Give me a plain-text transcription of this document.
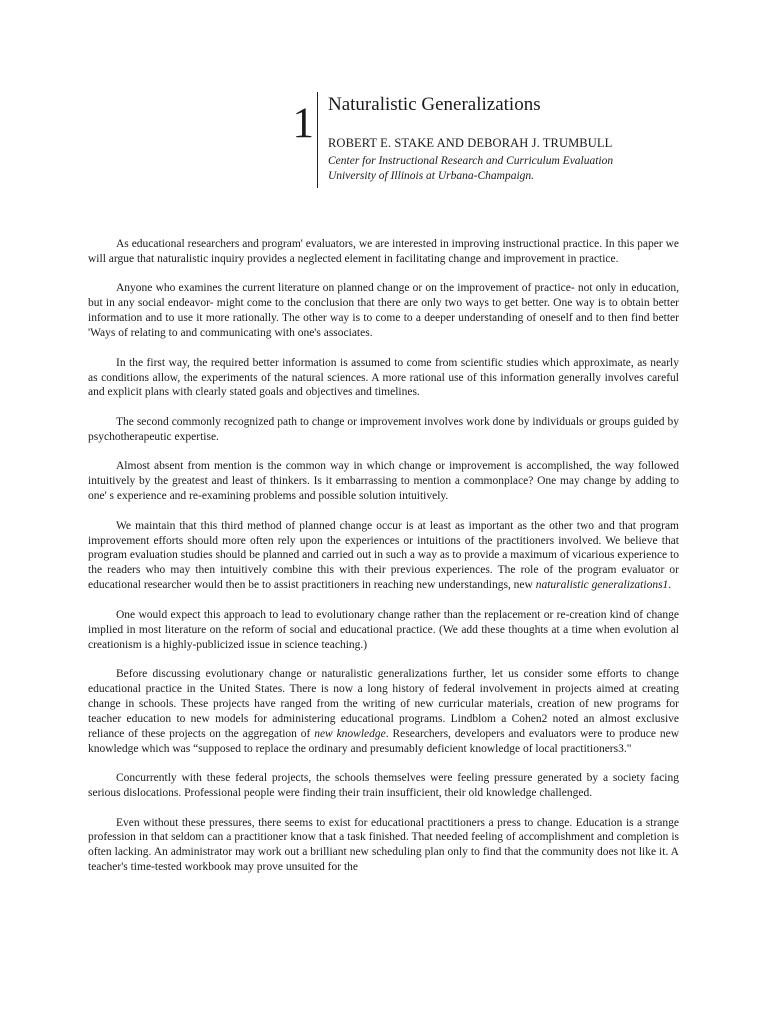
1 Naturalistic Generalizations

ROBERT E. STAKE AND DEBORAH J. TRUMBULL

Center for Instructional Research and Curriculum Evaluation

University of Illinois at Urbana-Champaign.

As educational researchers and program' evaluators, we are interested in improving instructional practice. In this paper we will argue that naturalistic inquiry provides a neglected element in facilitating change and improvement in practice.

Anyone who examines the current literature on planned change or on the improvement of practice- not only in education, but in any social endeavor- might come to the conclusion that there are only two ways to get better. One way is to obtain better information and to use it more rationally. The other way is to come to a deeper understanding of oneself and to then find better 'Ways of relating to and communicating with one's associates.

In the first way, the required better information is assumed to come from scientific studies which approximate, as nearly as conditions allow, the experiments of the natural sciences. A more rational use of this information generally involves careful and explicit plans with clearly stated goals and objectives and timelines.

The second commonly recognized path to change or improvement involves work done by individuals or groups guided by psychotherapeutic expertise.

Almost absent from mention is the common way in which change or improvement is accomplished, the way followed intuitively by the greatest and least of thinkers. Is it embarrassing to mention a commonplace? One may change by adding to one' s experience and re-examining problems and possible solution intuitively.

We maintain that this third method of planned change occur is at least as important as the other two and that program improvement efforts should more often rely upon the experiences or intuitions of the practitioners involved. We believe that program evaluation studies should be planned and carried out in such a way as to provide a maximum of vicarious experience to the readers who may then intuitively combine this with their previous experiences. The role of the program evaluator or educational researcher would then be to assist practitioners in reaching new understandings, new naturalistic generalizations1.

One would expect this approach to lead to evolutionary change rather than the replacement or re-creation kind of change implied in most literature on the reform of social and educational practice. (We add these thoughts at a time when evolution al creationism is a highly-publicized issue in science teaching.)

Before discussing evolutionary change or naturalistic generalizations further, let us consider some efforts to change educational practice in the United States. There is now a long history of federal involvement in projects aimed at creating change in schools. These projects have ranged from the writing of new curricular materials, creation of new programs for teacher education to new models for administering educational programs. Lindblom a Cohen2 noted an almost exclusive reliance of these projects on the aggregation of new knowledge. Researchers, developers and evaluators were to produce new knowledge which was “supposed to replace the ordinary and presumably deficient knowledge of local practitioners3."

Concurrently with these federal projects, the schools themselves were feeling pressure generated by a society facing serious dislocations. Professional people were finding their train insufficient, their old knowledge challenged.

Even without these pressures, there seems to exist for educational practitioners a press to change. Education is a strange profession in that seldom can a practitioner know that a task finished. That needed feeling of accomplishment and completion is often lacking. An administrator may work out a brilliant new scheduling plan only to find that the community does not like it. A teacher's time-tested workbook may prove unsuited for the
